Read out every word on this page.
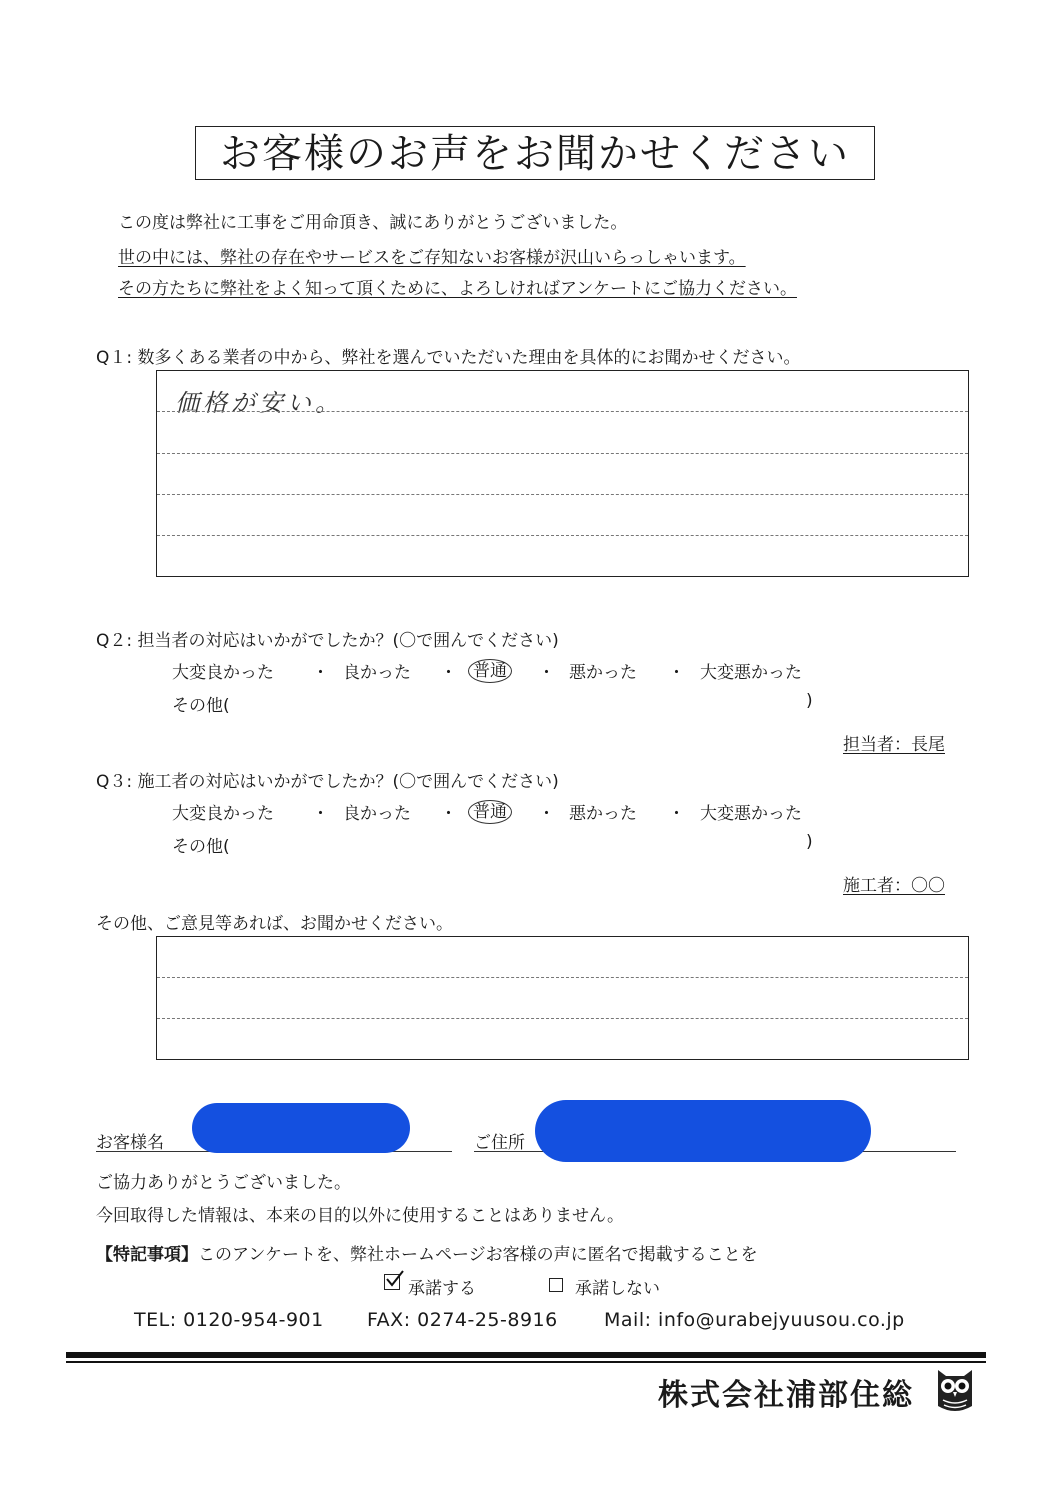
お客様のお声をお聞かせください
この度は弊社に工事をご用命頂き、誠にありがとうございました。
世の中には、弊社の存在やサービスをご存知ないお客様が沢山いらっしゃいます。
その方たちに弊社をよく知って頂くために、よろしければアンケートにご協力ください。
Q１: 数多くある業者の中から、弊社を選んでいただいた理由を具体的にお聞かせください。
価格が安い。
Q２: 担当者の対応はいかがでしたか？(〇で囲んでください)
大変良かった ・ 良かった ・ 普通 ・ 悪かった ・ 大変悪かった
その他(	)
担当者：長尾
Q３: 施工者の対応はいかがでしたか？(〇で囲んでください)
大変良かった ・ 良かった ・ 普通 ・ 悪かった ・ 大変悪かった
その他(	)
施工者：〇〇
その他、ご意見等あれば、お聞かせください。
お客様名	ご住所
ご協力ありがとうございました。
今回取得した情報は、本来の目的以外に使用することはありません。
【特記事項】このアンケートを、弊社ホームページお客様の声に匿名で掲載することを
承諾する	承諾しない
TEL: 0120-954-901 FAX: 0274-25-8916 Mail: info@urabejyuusou.co.jp
株式会社浦部住総
